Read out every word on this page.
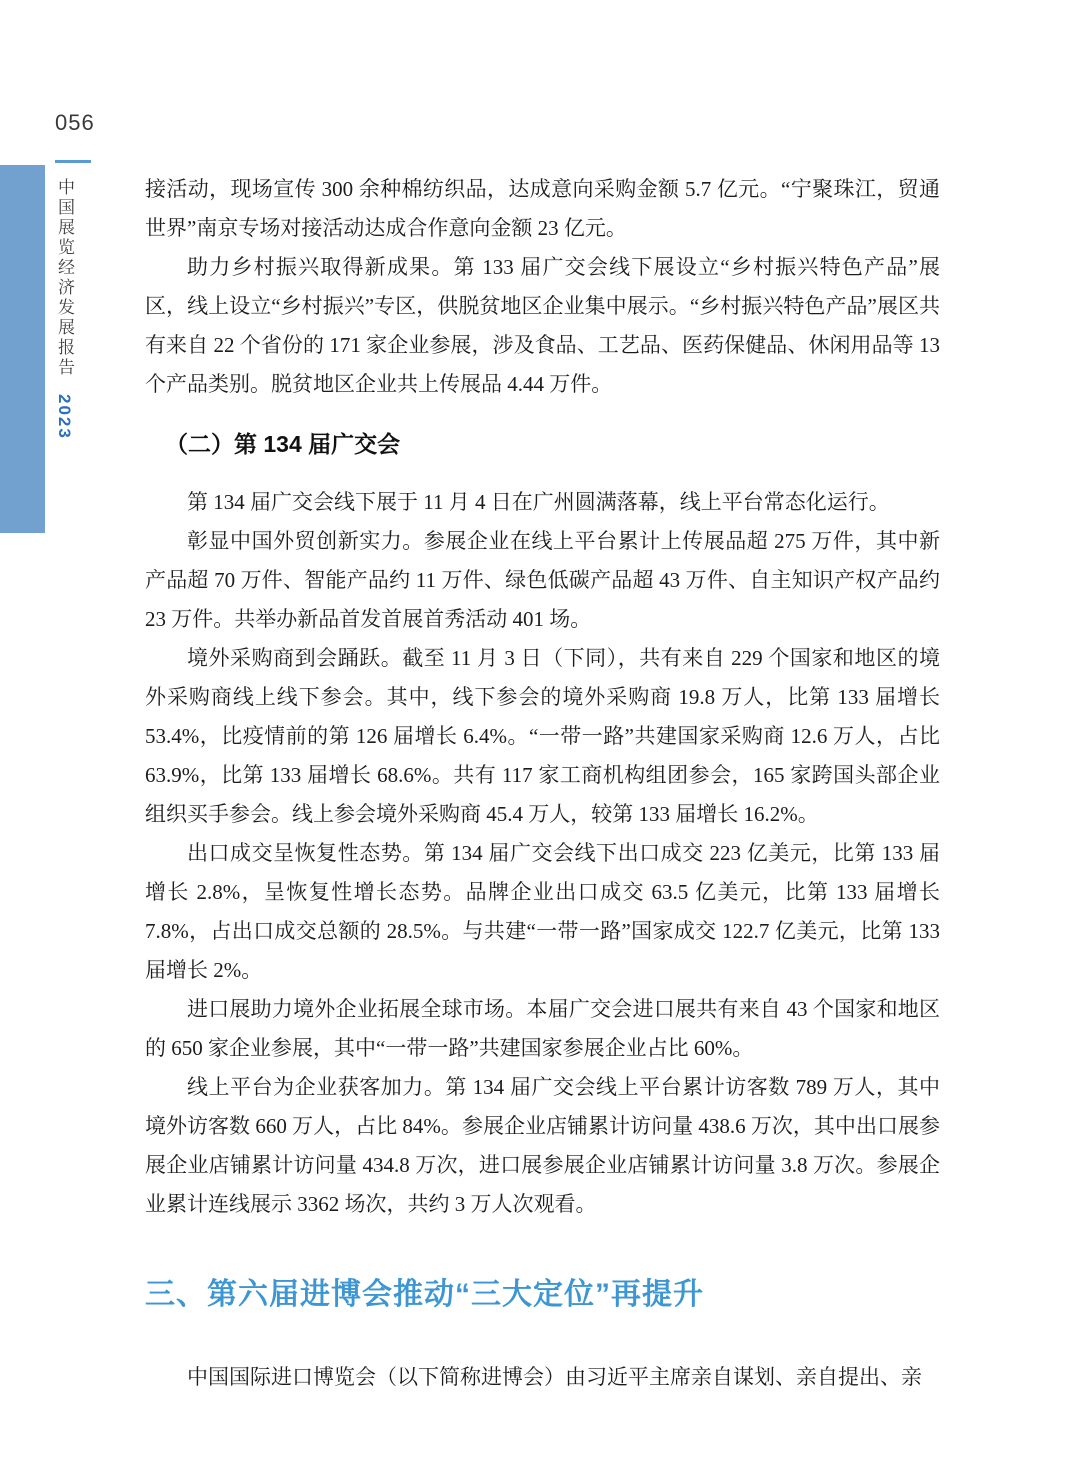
056
中国展览经济发展报告 2023

接活动，现场宣传 300 余种棉纺织品，达成意向采购金额 5.7 亿元。“宁聚珠江，贸通世界”南京专场对接活动达成合作意向金额 23 亿元。

助力乡村振兴取得新成果。第 133 届广交会线下展设立“乡村振兴特色产品”展区，线上设立“乡村振兴”专区，供脱贫地区企业集中展示。“乡村振兴特色产品”展区共有来自 22 个省份的 171 家企业参展，涉及食品、工艺品、医药保健品、休闲用品等 13 个产品类别。脱贫地区企业共上传展品 4.44 万件。

（二）第 134 届广交会

第 134 届广交会线下展于 11 月 4 日在广州圆满落幕，线上平台常态化运行。

彰显中国外贸创新实力。参展企业在线上平台累计上传展品超 275 万件，其中新产品超 70 万件、智能产品约 11 万件、绿色低碳产品超 43 万件、自主知识产权产品约 23 万件。共举办新品首发首展首秀活动 401 场。

境外采购商到会踊跃。截至 11 月 3 日（下同），共有来自 229 个国家和地区的境外采购商线上线下参会。其中，线下参会的境外采购商 19.8 万人，比第 133 届增长 53.4%，比疫情前的第 126 届增长 6.4%。“一带一路”共建国家采购商 12.6 万人，占比 63.9%，比第 133 届增长 68.6%。共有 117 家工商机构组团参会，165 家跨国头部企业组织买手参会。线上参会境外采购商 45.4 万人，较第 133 届增长 16.2%。

出口成交呈恢复性态势。第 134 届广交会线下出口成交 223 亿美元，比第 133 届增长 2.8%，呈恢复性增长态势。品牌企业出口成交 63.5 亿美元，比第 133 届增长 7.8%，占出口成交总额的 28.5%。与共建“一带一路”国家成交 122.7 亿美元，比第 133 届增长 2%。

进口展助力境外企业拓展全球市场。本届广交会进口展共有来自 43 个国家和地区的 650 家企业参展，其中“一带一路”共建国家参展企业占比 60%。

线上平台为企业获客加力。第 134 届广交会线上平台累计访客数 789 万人，其中境外访客数 660 万人，占比 84%。参展企业店铺累计访问量 438.6 万次，其中出口展参展企业店铺累计访问量 434.8 万次，进口展参展企业店铺累计访问量 3.8 万次。参展企业累计连线展示 3362 场次，共约 3 万人次观看。

三、第六届进博会推动“三大定位”再提升

中国国际进口博览会（以下简称进博会）由习近平主席亲自谋划、亲自提出、亲
